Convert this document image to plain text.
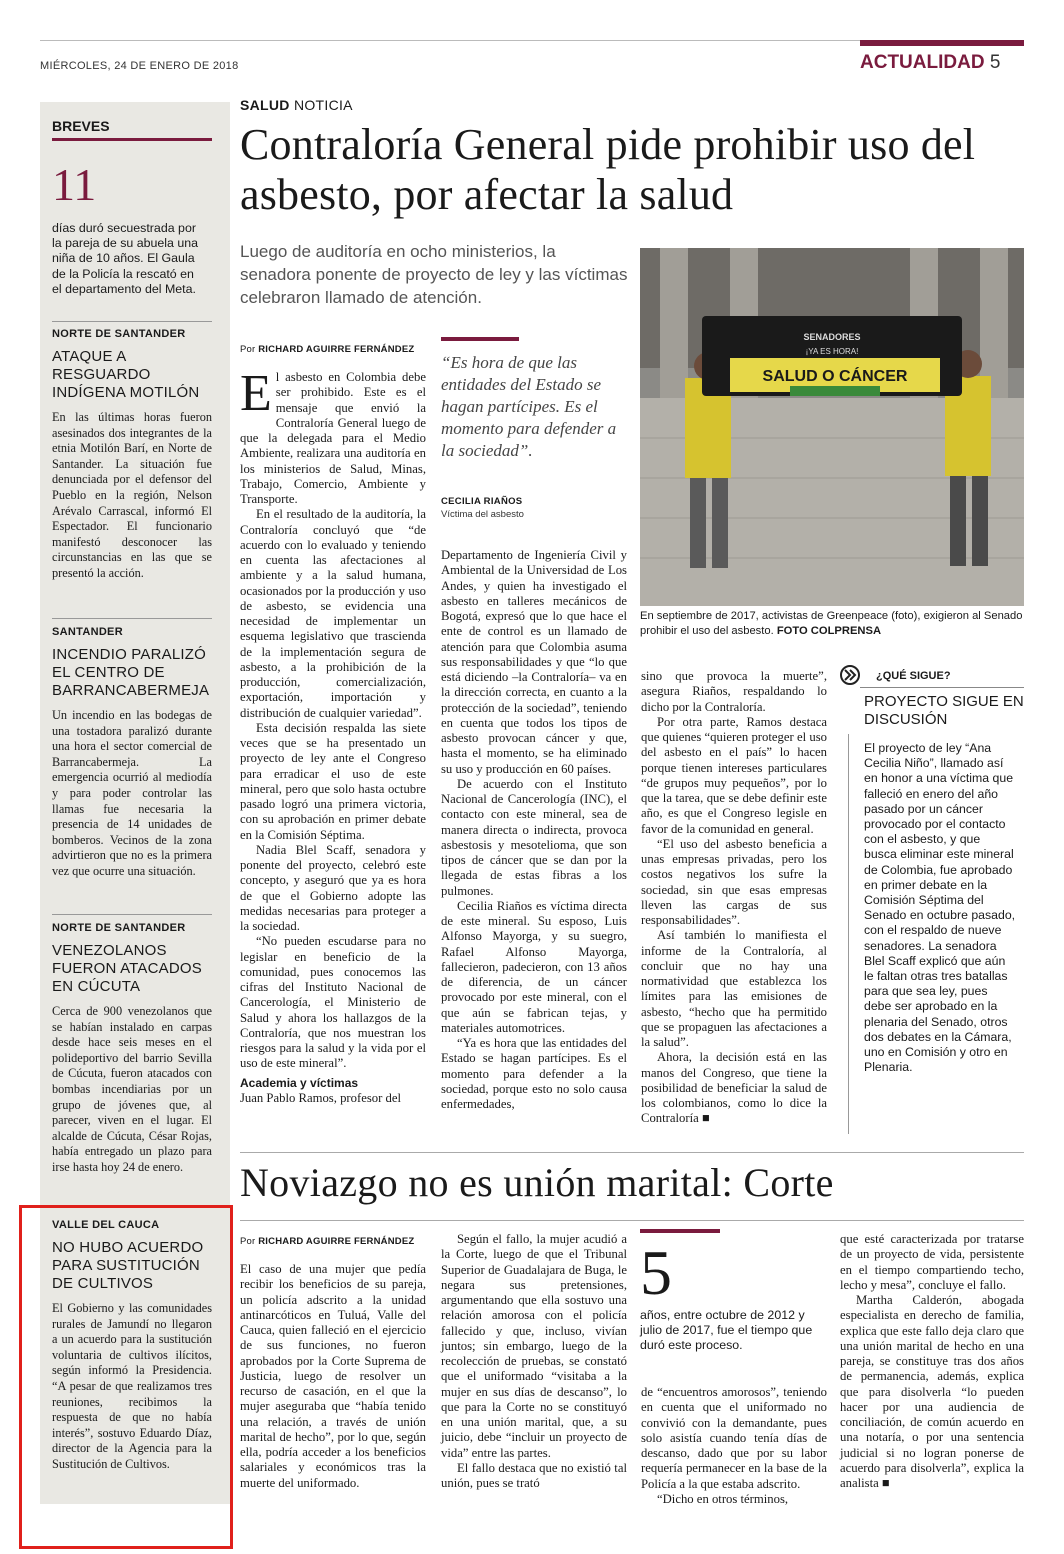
MIÉRCOLES, 24 DE ENERO DE 2018	ACTUALIDAD 5
BREVES
11
días duró secuestrada por la pareja de su abuela una niña de 10 años. El Gaula de la Policía la rescató en el departamento del Meta.
NORTE DE SANTANDER
ATAQUE A RESGUARDO INDÍGENA MOTILÓN
En las últimas horas fueron asesinados dos integrantes de la etnia Motilón Barí, en Norte de Santander. La situación fue denunciada por el defensor del Pueblo en la región, Nelson Arévalo Carrascal, informó El Espectador. El funcionario manifestó desconocer las circunstancias en las que se presentó la acción.
SANTANDER
INCENDIO PARALIZÓ EL CENTRO DE BARRANCABERMEJA
Un incendio en las bodegas de una tostadora paralizó durante una hora el sector comercial de Barrancabermeja. La emergencia ocurrió al mediodía y para poder controlar las llamas fue necesaria la presencia de 14 unidades de bomberos. Vecinos de la zona advirtieron que no es la primera vez que ocurre una situación.
NORTE DE SANTANDER
VENEZOLANOS FUERON ATACADOS EN CÚCUTA
Cerca de 900 venezolanos que se habían instalado en carpas desde hace seis meses en el polideportivo del barrio Sevilla de Cúcuta, fueron atacados con bombas incendiarias por un grupo de jóvenes que, al parecer, viven en el lugar. El alcalde de Cúcuta, César Rojas, había entregado un plazo para irse hasta hoy 24 de enero.
VALLE DEL CAUCA
NO HUBO ACUERDO PARA SUSTITUCIÓN DE CULTIVOS
El Gobierno y las comunidades rurales de Jamundí no llegaron a un acuerdo para la sustitución voluntaria de cultivos ilícitos, según informó la Presidencia. “A pesar de que realizamos tres reuniones, recibimos la respuesta de que no había interés”, sostuvo Eduardo Díaz, director de la Agencia para la Sustitución de Cultivos.
SALUD NOTICIA
Contraloría General pide prohibir uso del asbesto, por afectar la salud
Luego de auditoría en ocho ministerios, la senadora ponente de proyecto de ley y las víctimas celebraron llamado de atención.
SENADORES
¡YA ES HORA!
SALUD O CÁNCER
En septiembre de 2017, activistas de Greenpeace (foto), exigieron al Senado prohibir el uso del asbesto. FOTO COLPRENSA
Por RICHARD AGUIRRE FERNÁNDEZ

El asbesto en Colombia debe ser prohibido. Este es el mensaje que envió la Contraloría General luego de que la delegada para el Medio Ambiente, realizara una auditoría en los ministerios de Salud, Minas, Trabajo, Comercio, Ambiente y Transporte.

En el resultado de la auditoría, la Contraloría concluyó que “de acuerdo con lo evaluado y teniendo en cuenta las afectaciones al ambiente y a la salud humana, ocasionados por la producción y uso de asbesto, se evidencia una necesidad de implementar un esquema legislativo que trascienda de la implementación segura de asbesto, a la prohibición de la producción, comercialización, exportación, importación y distribución de cualquier variedad”.

Esta decisión respalda las siete veces que se ha presentado un proyecto de ley ante el Congreso para erradicar el uso de este mineral, pero que solo hasta octubre pasado logró una primera victoria, con su aprobación en primer debate en la Comisión Séptima.

Nadia Blel Scaff, senadora y ponente del proyecto, celebró este concepto, y aseguró que ya es hora de que el Gobierno adopte las medidas necesarias para proteger a la sociedad.

“No pueden escudarse para no legislar en beneficio de la comunidad, pues conocemos las cifras del Instituto Nacional de Cancerología, el Ministerio de Salud y ahora los hallazgos de la Contraloría, que nos muestran los riesgos para la salud y la vida por el uso de este mineral”.

Academia y víctimas

Juan Pablo Ramos, profesor del

“Es hora de que las entidades del Estado se hagan partícipes. Es el momento para defender a la sociedad”.
CECILIA RIAÑOS
Víctima del asbesto

Departamento de Ingeniería Civil y Ambiental de la Universidad de Los Andes, y quien ha investigado el asbesto en talleres mecánicos de Bogotá, expresó que lo que hace el ente de control es un llamado de atención para que Colombia asuma sus responsabilidades y que “lo que está diciendo –la Contraloría– va en la dirección correcta, en cuanto a la protección de la sociedad”, teniendo en cuenta que todos los tipos de asbesto provocan cáncer y que, hasta el momento, se ha eliminado su uso y producción en 60 países.

De acuerdo con el Instituto Nacional de Cancerología (INC), el contacto con este mineral, sea de manera directa o indirecta, provoca asbestosis y mesotelioma, que son tipos de cáncer que se dan por la llegada de estas fibras a los pulmones.

Cecilia Riaños es víctima directa de este mineral. Su esposo, Luis Alfonso Mayorga, y su suegro, Rafael Alfonso Mayorga, fallecieron, padecieron, con 13 años de diferencia, de un cáncer provocado por este mineral, con el que aún se fabrican tejas, y materiales automotrices.

“Ya es hora que las entidades del Estado se hagan partícipes. Es el momento para defender a la sociedad, porque esto no solo causa enfermedades,

sino que provoca la muerte”, asegura Riaños, respaldando lo dicho por la Contraloría.

Por otra parte, Ramos destaca que quienes “quieren proteger el uso del asbesto en el país” lo hacen porque tienen intereses particulares “de grupos muy pequeños”, por lo que la tarea, que se debe definir este año, es que el Congreso legisle en favor de la comunidad en general.

“El uso del asbesto beneficia a unas empresas privadas, pero los costos negativos los sufre la sociedad, sin que esas empresas lleven las cargas de sus responsabilidades”.

Así también lo manifiesta el informe de la Contraloría, al concluir que no hay una normatividad que establezca los límites para las emisiones de asbesto, “hecho que ha permitido que se propaguen las afectaciones a la salud”.

Ahora, la decisión está en las manos del Congreso, que tiene la posibilidad de beneficiar la salud de los colombianos, como lo dice la Contraloría ■

¿QUÉ SIGUE?
PROYECTO SIGUE EN DISCUSIÓN
El proyecto de ley “Ana Cecilia Niño”, llamado así en honor a una víctima que falleció en enero del año pasado por un cáncer provocado por el contacto con el asbesto, y que busca eliminar este mineral de Colombia, fue aprobado en primer debate en la Comisión Séptima del Senado en octubre pasado, con el respaldo de nueve senadores. La senadora Blel Scaff explicó que aún le faltan otras tres batallas para que sea ley, pues debe ser aprobado en la plenaria del Senado, otros dos debates en la Cámara, uno en Comisión y otro en Plenaria.
Noviazgo no es unión marital: Corte
Por RICHARD AGUIRRE FERNÁNDEZ

El caso de una mujer que pedía recibir los beneficios de su pareja, un policía adscrito a la unidad antinarcóticos en Tuluá, Valle del Cauca, quien falleció en el ejercicio de sus funciones, no fueron aprobados por la Corte Suprema de Justicia, luego de resolver un recurso de casación, en el que la mujer aseguraba que “había tenido una relación, a través de unión marital de hecho”, por lo que, según ella, podría acceder a los beneficios salariales y económicos tras la muerte del uniformado.

Según el fallo, la mujer acudió a la Corte, luego de que el Tribunal Superior de Guadalajara de Buga, le negara sus pretensiones, argumentando que ella sostuvo una relación amorosa con el policía fallecido y que, incluso, vivían juntos; sin embargo, luego de la recolección de pruebas, se constató que el uniformado “visitaba a la mujer en sus días de descanso”, lo que para la Corte no se constituyó en una unión marital, que, a su juicio, debe “incluir un proyecto de vida” entre las partes.

El fallo destaca que no existió tal unión, pues se trató

5
años, entre octubre de 2012 y julio de 2017, fue el tiempo que duró este proceso.

de “encuentros amorosos”, teniendo en cuenta que el uniformado no convivió con la demandante, pues solo asistía cuando tenía días de descanso, dado que por su labor requería permanecer en la base de la Policía a la que estaba adscrito.

“Dicho en otros términos,

que esté caracterizada por tratarse de un proyecto de vida, persistente en el tiempo compartiendo techo, lecho y mesa”, concluye el fallo.

Martha Calderón, abogada especialista en derecho de familia, explica que este fallo deja claro que una unión marital de hecho en una pareja, se constituye tras dos años de permanencia, además, explica que para disolverla “lo pueden hacer por una audiencia de conciliación, de común acuerdo en una notaría, o por una sentencia judicial si no logran ponerse de acuerdo para disolverla”, explica la analista ■
